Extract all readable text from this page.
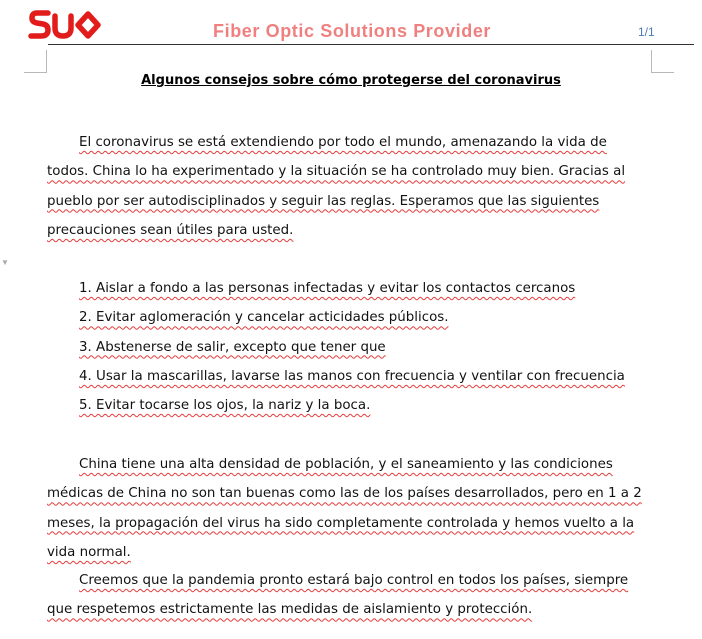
Fiber Optic Solutions Provider	1/1
▼
Algunos consejos sobre cómo protegerse del coronavirus

El coronavirus se está extendiendo por todo el mundo, amenazando la vida de todos. China lo ha experimentado y la situación se ha controlado muy bien. Gracias al pueblo por ser autodisciplinados y seguir las reglas. Esperamos que las siguientes precauciones sean útiles para usted.

1. Aislar a fondo a las personas infectadas y evitar los contactos cercanos
2. Evitar aglomeración y cancelar acticidades públicos.
3. Abstenerse de salir, excepto que tener que
4. Usar la mascarillas, lavarse las manos con frecuencia y ventilar con frecuencia
5. Evitar tocarse los ojos, la nariz y la boca.

China tiene una alta densidad de población, y el saneamiento y las condiciones médicas de China no son tan buenas como las de los países desarrollados, pero en 1 a 2 meses, la propagación del virus ha sido completamente controlada y hemos vuelto a la vida normal.

Creemos que la pandemia pronto estará bajo control en todos los países, siempre que respetemos estrictamente las medidas de aislamiento y protección.
